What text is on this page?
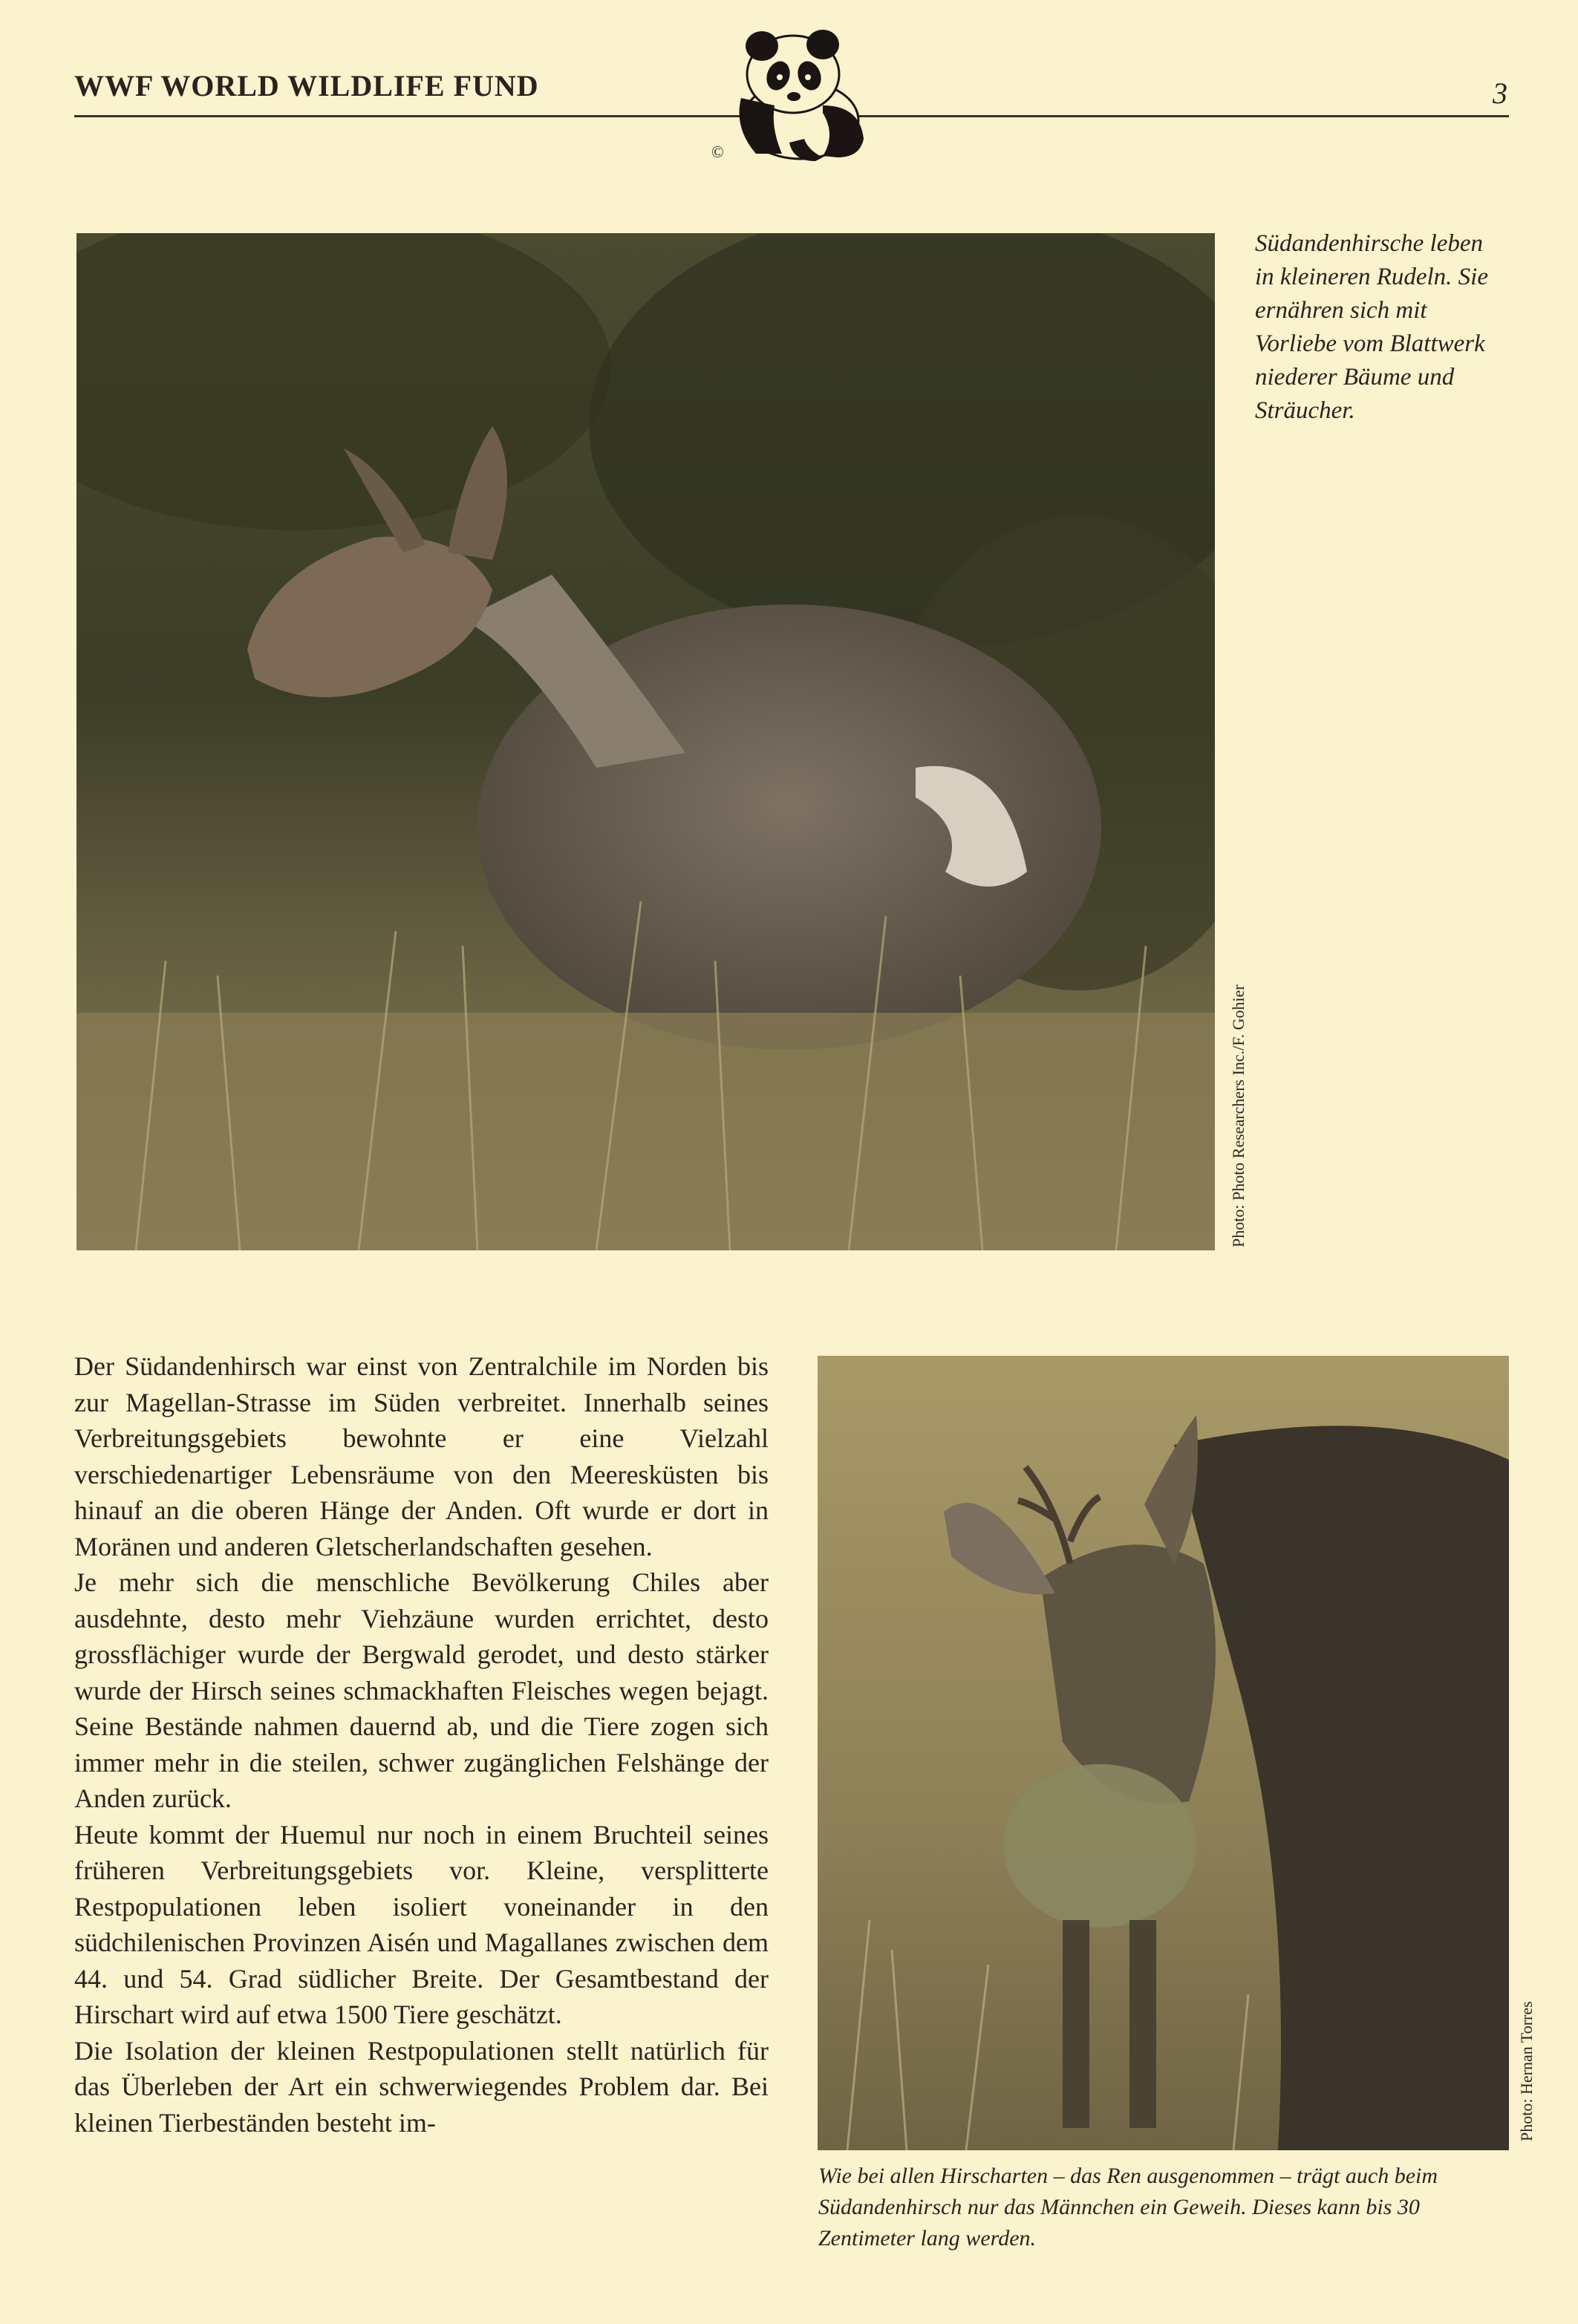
WWF WORLD WILDLIFE FUND	3
©
Photo: Photo Researchers Inc./F. Gohier
Südandenhirsche leben in kleineren Rudeln. Sie ernähren sich mit Vorliebe vom Blattwerk niederer Bäume und Sträucher.

Der Südandenhirsch war einst von Zentralchile im Norden bis zur Magellan-Strasse im Süden verbreitet. Innerhalb seines Verbreitungsgebiets bewohnte er eine Vielzahl verschiedenartiger Lebensräume von den Meeresküsten bis hinauf an die oberen Hänge der Anden. Oft wurde er dort in Moränen und anderen Gletscherlandschaften gesehen.

Je mehr sich die menschliche Bevölkerung Chiles aber ausdehnte, desto mehr Viehzäune wurden errichtet, desto grossflächiger wurde der Bergwald gerodet, und desto stärker wurde der Hirsch seines schmackhaften Fleisches wegen bejagt. Seine Bestände nahmen dauernd ab, und die Tiere zogen sich immer mehr in die steilen, schwer zugänglichen Felshänge der Anden zurück.

Heute kommt der Huemul nur noch in einem Bruchteil seines früheren Verbreitungsgebiets vor. Kleine, versplitterte Restpopulationen leben isoliert voneinander in den südchilenischen Provinzen Aisén und Magallanes zwischen dem 44. und 54. Grad südlicher Breite. Der Gesamtbestand der Hirschart wird auf etwa 1500 Tiere geschätzt.

Die Isolation der kleinen Restpopulationen stellt natürlich für das Überleben der Art ein schwerwiegendes Problem dar. Bei kleinen Tierbeständen besteht im-	Photo: Hernan Torres
Wie bei allen Hirscharten – das Ren ausgenommen – trägt auch beim Südandenhirsch nur das Männchen ein Geweih. Dieses kann bis 30 Zentimeter lang werden.
